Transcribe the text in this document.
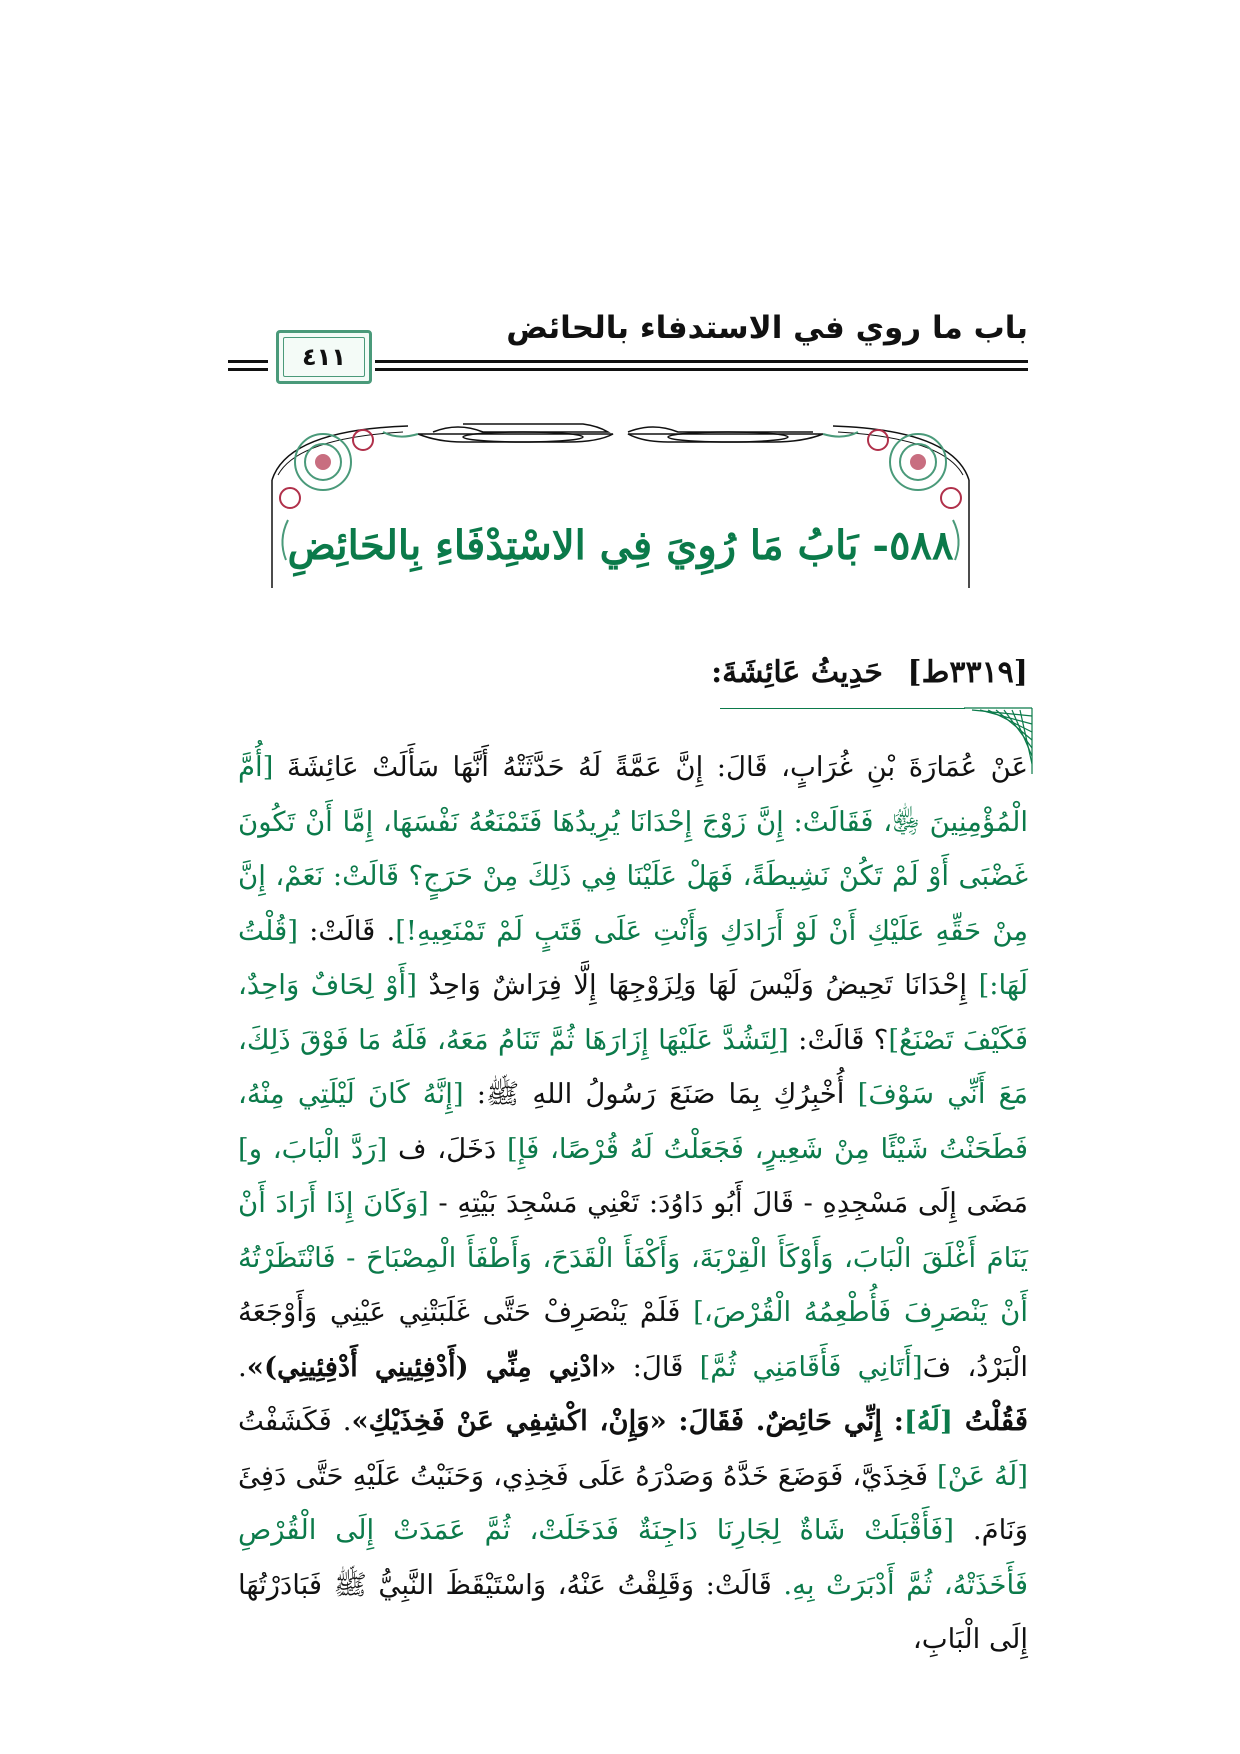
باب ما روي في الاستدفاء بالحائض
٤١١
٥٨٨- بَابُ مَا رُوِيَ فِي الاسْتِدْفَاءِ بِالحَائِضِ
[٣٣١٩ط] حَدِيثُ عَائِشَةَ:

عَنْ عُمَارَةَ بْنِ غُرَابٍ، قَالَ: إِنَّ عَمَّةً لَهُ حَدَّثَتْهُ أَنَّهَا سَأَلَتْ عَائِشَةَ [أُمَّ الْمُؤْمِنِينَ ﵂، فَقَالَتْ: إِنَّ زَوْجَ إِحْدَانَا يُرِيدُهَا فَتَمْنَعُهُ نَفْسَهَا، إِمَّا أَنْ تَكُونَ غَضْبَى أَوْ لَمْ تَكُنْ نَشِيطَةً، فَهَلْ عَلَيْنَا فِي ذَلِكَ مِنْ حَرَجٍ؟ قَالَتْ: نَعَمْ، إِنَّ مِنْ حَقِّهِ عَلَيْكِ أَنْ لَوْ أَرَادَكِ وَأَنْتِ عَلَى قَتَبٍ لَمْ تَمْنَعِيهِ!]. قَالَتْ: [قُلْتُ لَهَا:] إِحْدَانَا تَحِيضُ وَلَيْسَ لَهَا وَلِزَوْجِهَا إِلَّا فِرَاشٌ وَاحِدٌ [أَوْ لِحَافٌ وَاحِدٌ، فَكَيْفَ تَصْنَعُ]؟ قَالَتْ: [لِتَشُدَّ عَلَيْهَا إِزَارَهَا ثُمَّ تَنَامُ مَعَهُ، فَلَهُ مَا فَوْقَ ذَلِكَ، مَعَ أَنِّي سَوْفَ] أُخْبِرُكِ بِمَا صَنَعَ رَسُولُ اللهِ ﷺ: [إِنَّهُ كَانَ لَيْلَتِي مِنْهُ، فَطَحَنْتُ شَيْئًا مِنْ شَعِيرٍ، فَجَعَلْتُ لَهُ قُرْصًا، فَإِ] دَخَلَ، ف [رَدَّ الْبَابَ، و] مَضَى إِلَى مَسْجِدِهِ - قَالَ أَبُو دَاوُدَ: تَعْنِي مَسْجِدَ بَيْتِهِ - [وَكَانَ إِذَا أَرَادَ أَنْ يَنَامَ أَغْلَقَ الْبَابَ، وَأَوْكَأَ الْقِرْبَةَ، وَأَكْفَأَ الْقَدَحَ، وَأَطْفَأَ الْمِصْبَاحَ - فَانْتَظَرْتُهُ أَنْ يَنْصَرِفَ فَأُطْعِمُهُ الْقُرْصَ،] فَلَمْ يَنْصَرِفْ حَتَّى غَلَبَتْنِي عَيْنِي وَأَوْجَعَهُ الْبَرْدُ، فَ[أَتَانِي فَأَقَامَنِي ثُمَّ] قَالَ: «ادْنِي مِنِّي (أَدْفِئِينِي أَدْفِئِينِي)». فَقُلْتُ [لَهُ]: إِنِّي حَائِضٌ. فَقَالَ: «وَإِنْ، اكْشِفِي عَنْ فَخِذَيْكِ». فَكَشَفْتُ [لَهُ عَنْ] فَخِذَيَّ، فَوَضَعَ خَدَّهُ وَصَدْرَهُ عَلَى فَخِذِي، وَحَنَيْتُ عَلَيْهِ حَتَّى دَفِئَ وَنَامَ. [فَأَقْبَلَتْ شَاةٌ لِجَارِنَا دَاجِنَةٌ فَدَخَلَتْ، ثُمَّ عَمَدَتْ إِلَى الْقُرْصِ فَأَخَذَتْهُ، ثُمَّ أَدْبَرَتْ بِهِ. قَالَتْ: وَقَلِقْتُ عَنْهُ، وَاسْتَيْقَظَ النَّبِيُّ ﷺ فَبَادَرْتُهَا إِلَى الْبَابِ،
